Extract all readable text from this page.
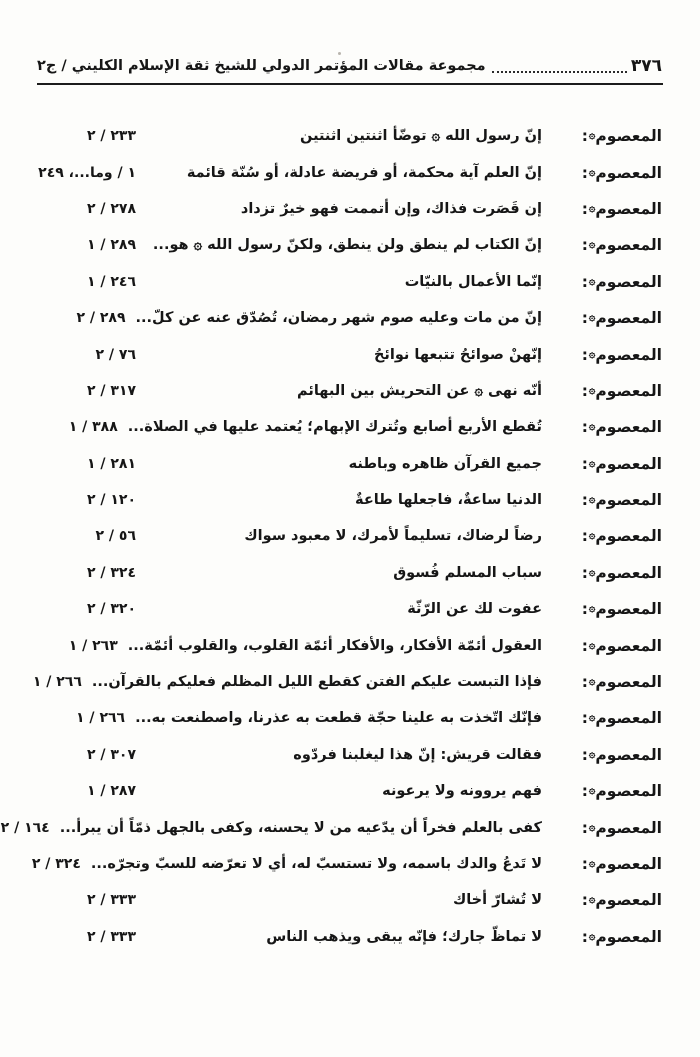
٣٧٦
مجموعة مقالات المؤتمر الدولي للشيخ ثقة الإسلام الكليني / ج٢
المعصوم۞:
إنّ رسول الله ۞ توضّأ اثنتين اثنتين
٢٣٣ / ٢
المعصوم۞:
إنّ العلم آية محكمة، أو فريضة عادلة، أو سُنّة قائمة
١ / وما...، ٢٤٩
المعصوم۞:
إن قَصَرت فذاك، وإن أتممت فهو خيرٌ تزداد
٢٧٨ / ٢
المعصوم۞:
إنّ الكتاب لم ينطق ولن ينطق، ولكنّ رسول الله ۞ هو...
٢٨٩ / ١
المعصوم۞:
إنّما الأعمال بالنيّات
٢٤٦ / ١
المعصوم۞:
إنّ من مات وعليه صوم شهر رمضان، تُصُدّق عنه عن كلّ...
٢٨٩ / ٢
المعصوم۞:
إنّهنْ صوائحُ تتبعها نوائحُ
٧٦ / ٢
المعصوم۞:
أنّه نهى ۞ عن التحريش بين البهائم
٣١٧ / ٢
المعصوم۞:
تُقطع الأربع أصابع وتُترك الإبهام؛ يُعتمد عليها في الصلاة...
٣٨٨ / ١
المعصوم۞:
جميع القرآن ظاهره وباطنه
٢٨١ / ١
المعصوم۞:
الدنيا ساعةٌ، فاجعلها طاعةٌ
١٢٠ / ٢
المعصوم۞:
رضاً لرضاك، تسليماً لأمرك، لا معبود سواك
٥٦ / ٢
المعصوم۞:
سباب المسلم فُسوق
٣٢٤ / ٢
المعصوم۞:
عفوت لك عن الرّثّة
٣٢٠ / ٢
المعصوم۞:
العقول أئمّة الأفكار، والأفكار أئمّة القلوب، والقلوب أئمّة...
٢٦٣ / ١
المعصوم۞:
فإذا التبست عليكم الفتن كقطع الليل المظلم فعليكم بالقرآن...
٢٦٦ / ١
المعصوم۞:
فإنّك اتّخذت به علينا حجّة قطعت به عذرنا، واصطنعت به...
٢٦٦ / ١
المعصوم۞:
فقالت قريش: إنّ هذا ليغلبنا فردّوه
٣٠٧ / ٢
المعصوم۞:
فهم يروونه ولا يرعونه
٢٨٧ / ١
المعصوم۞:
كفى بالعلم فخراً أن يدّعيه من لا يحسنه، وكفى بالجهل ذمّاً أن يبرأ...
١٦٤ / ٢
المعصوم۞:
لا تَدعُ والدك باسمه، ولا تستسبّ له، أي لا تعرّضه للسبّ وتجرّه...
٣٢٤ / ٢
المعصوم۞:
لا تُشارّ أخاك
٣٣٣ / ٢
المعصوم۞:
لا تماظّ جارك؛ فإنّه يبقى ويذهب الناس
٣٣٣ / ٢
